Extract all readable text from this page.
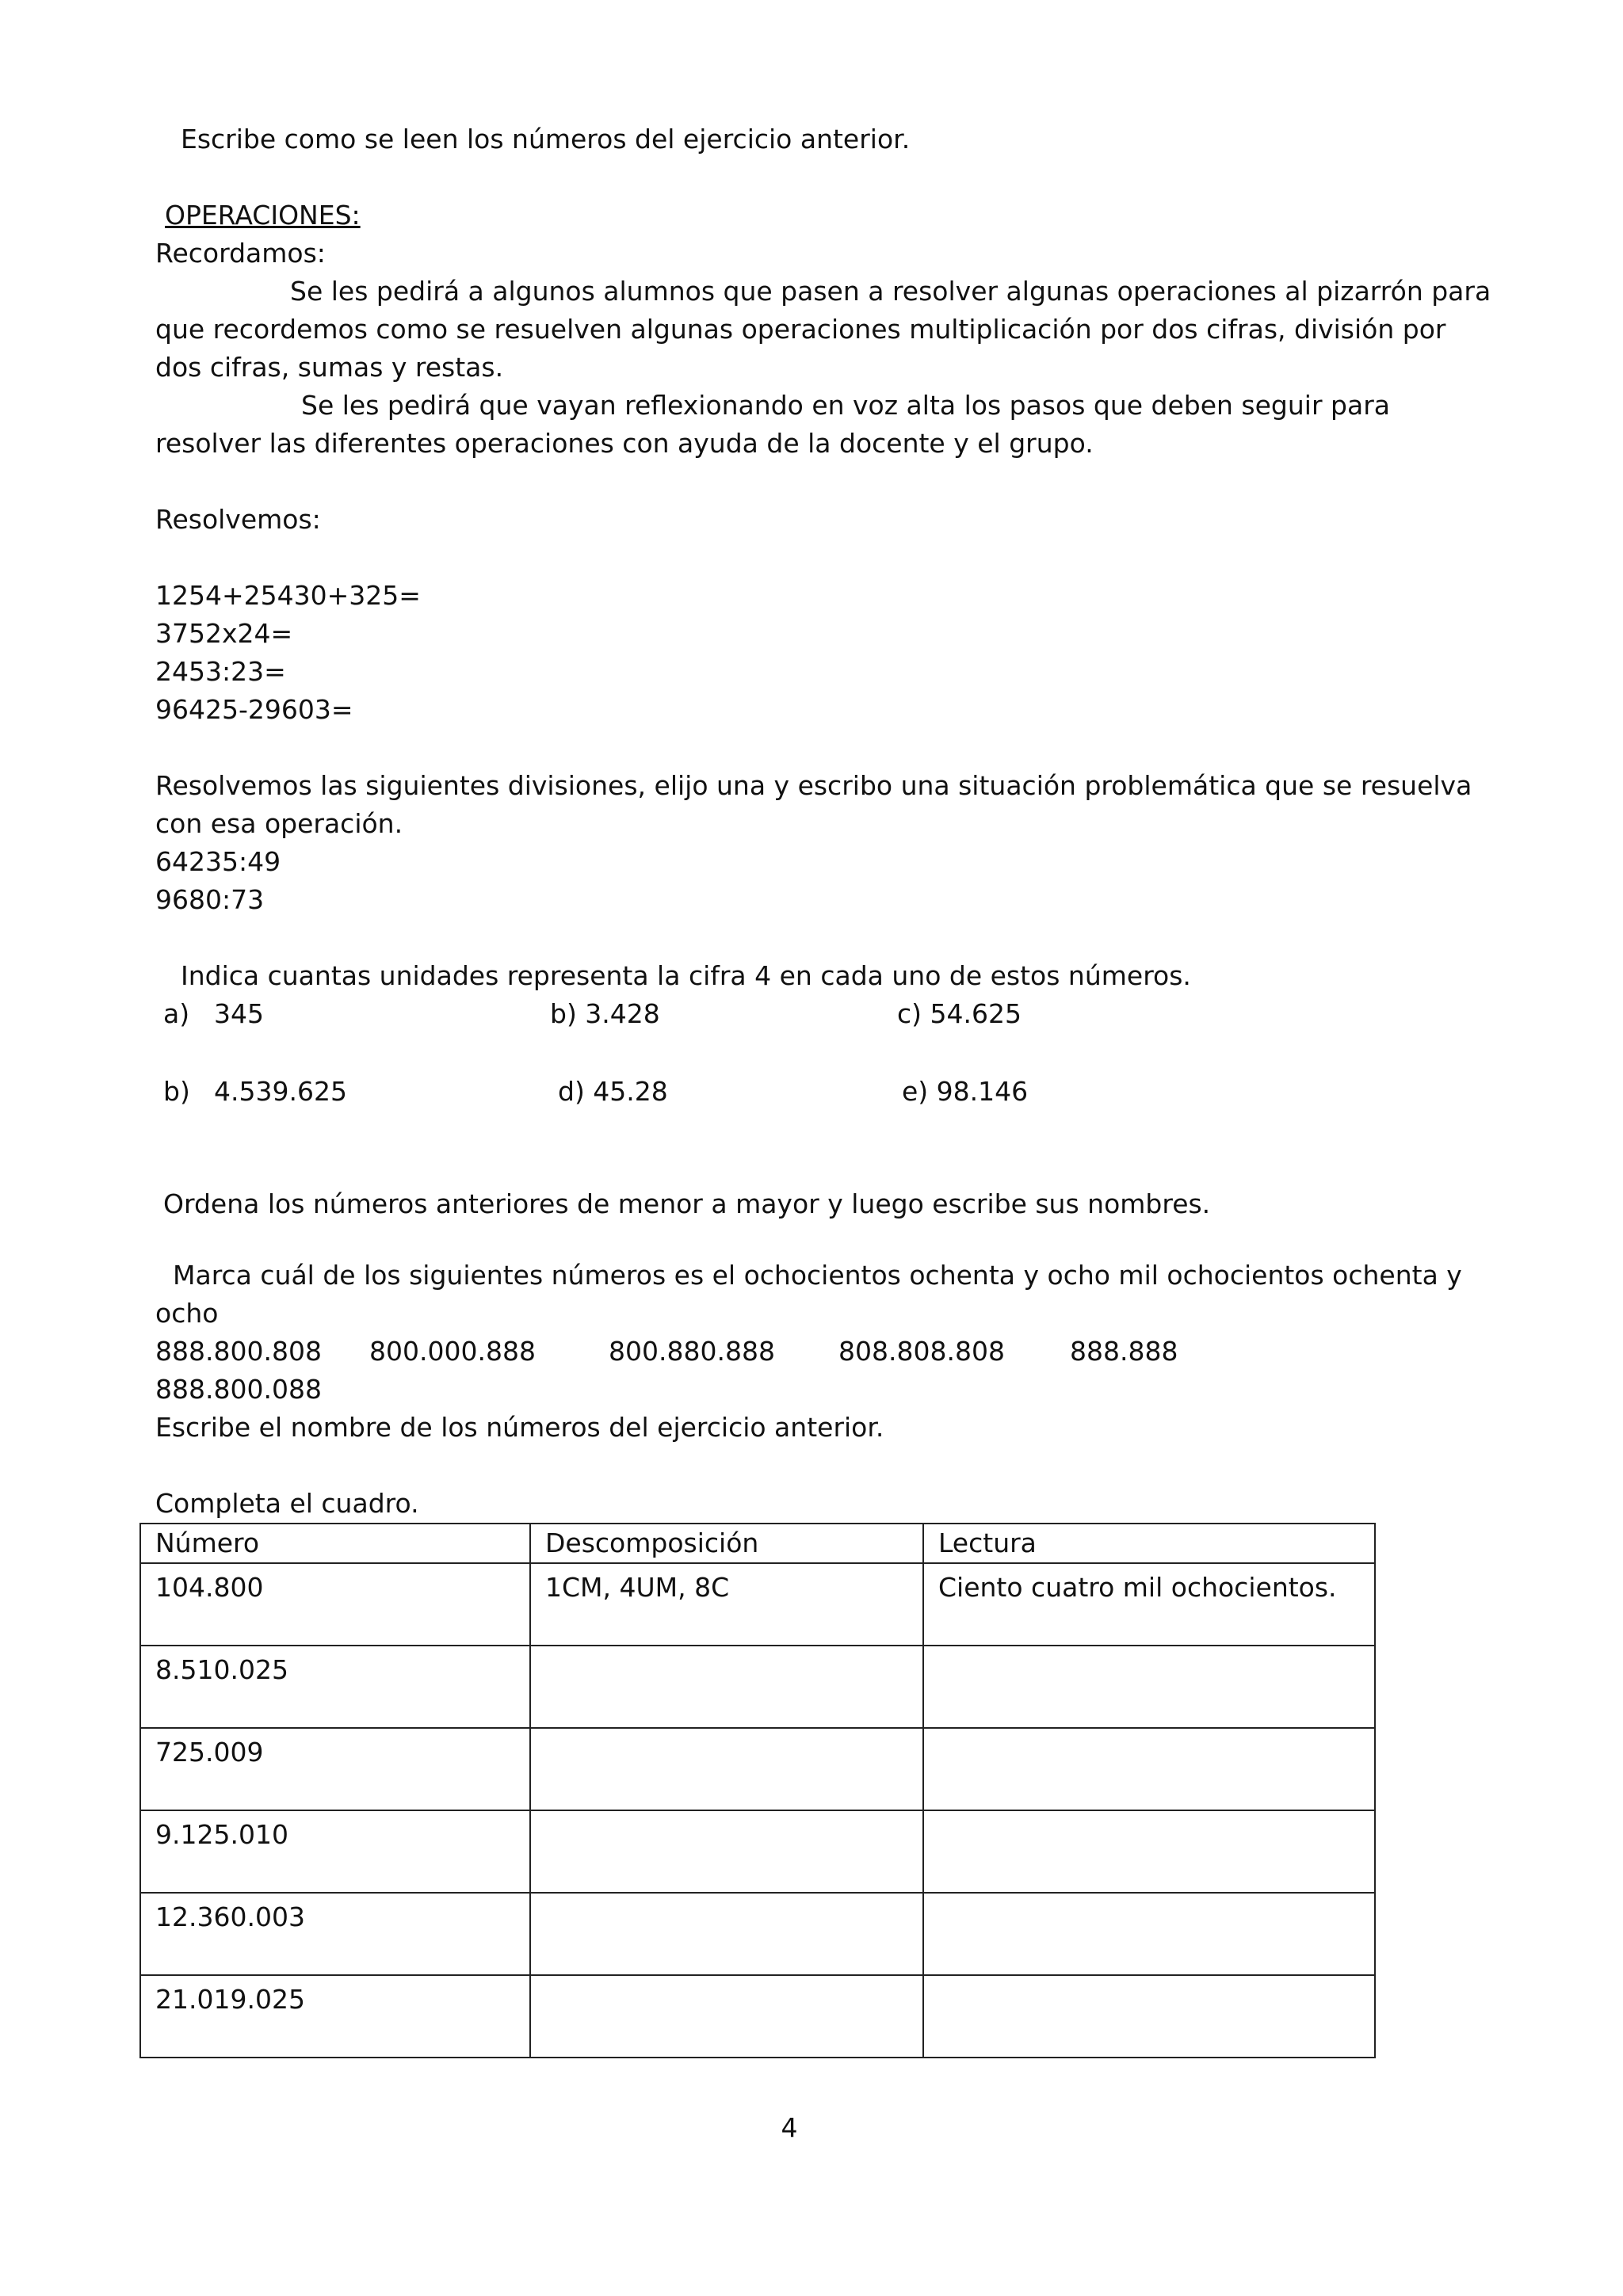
Escribe como se leen los números del ejercicio anterior.

OPERACIONES:

Recordamos:

Se les pedirá a algunos alumnos que pasen a resolver algunas operaciones al pizarrón para

que recordemos como se resuelven algunas operaciones multiplicación por dos cifras, división por

dos cifras, sumas y restas.

Se les pedirá que vayan reflexionando en voz alta los pasos que deben seguir para

resolver las diferentes operaciones con ayuda de la docente y el grupo.

Resolvemos:

1254+25430+325=

3752x24=

2453:23=

96425-29603=

Resolvemos las siguientes divisiones, elijo una y escribo una situación problemática que se resuelva

con esa operación.

64235:49

9680:73

Indica cuantas unidades representa la cifra 4 en cada uno de estos números.

a) 345	b) 3.428	c) 54.625

b) 4.539.625	d) 45.28	e) 98.146

Ordena los números anteriores de menor a mayor y luego escribe sus nombres.

Marca cuál de los siguientes números es el ochocientos ochenta y ocho mil ochocientos ochenta y

ocho

888.800.808 800.000.888	800.880.888 808.808.808 888.888

888.800.088

Escribe el nombre de los números del ejercicio anterior.

Completa el cuadro.

Número	Descomposición	Lectura
104.800	1CM, 4UM, 8C	Ciento cuatro mil ochocientos.
8.510.025		
725.009		
9.125.010		
12.360.003		
21.019.025		
4
